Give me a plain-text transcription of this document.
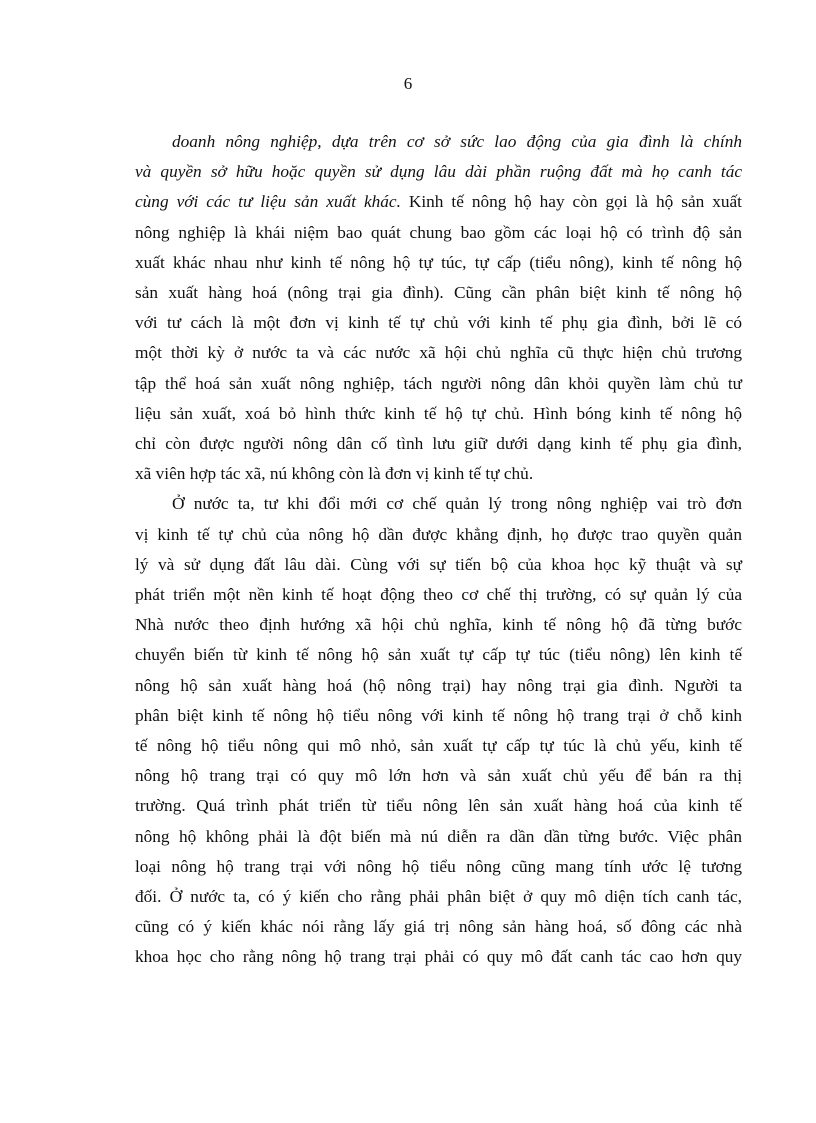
6
doanh nông nghiệp, dựa trên cơ sở sức lao động của gia đình là chính
và quyền sở hữu hoặc quyền sử dụng lâu dài phần ruộng đất mà họ canh tác
cùng với các tư liệu sản xuất khác. Kinh tế nông hộ hay còn gọi là hộ sản xuất
nông nghiệp là khái niệm bao quát chung bao gồm các loại hộ có trình độ sản
xuất khác nhau như kinh tế nông hộ tự túc, tự cấp (tiểu nông), kinh tế nông hộ
sản xuất hàng hoá (nông trại gia đình). Cũng cần phân biệt kinh tế nông hộ
với tư cách là một đơn vị kinh tế tự chủ với kinh tế phụ gia đình, bởi lẽ có
một thời kỳ ở nước ta và các nước xã hội chủ nghĩa cũ thực hiện chủ trương
tập thể hoá sản xuất nông nghiệp, tách người nông dân khỏi quyền làm chủ tư
liệu sản xuất, xoá bỏ hình thức kinh tế hộ tự chủ. Hình bóng kinh tế nông hộ
chỉ còn được người nông dân cố tình lưu giữ dưới dạng kinh tế phụ gia đình,
xã viên hợp tác xã, nú không còn là đơn vị kinh tế tự chủ.
Ở nước ta, tư khi đổi mới cơ chế quản lý trong nông nghiệp vai trò đơn
vị kinh tế tự chủ của nông hộ dần được khẳng định, họ được trao quyền quản
lý và sử dụng đất lâu dài. Cùng với sự tiến bộ của khoa học kỹ thuật và sự
phát triển một nền kinh tế hoạt động theo cơ chế thị trường, có sự quản lý của
Nhà nước theo định hướng xã hội chủ nghĩa, kinh tế nông hộ đã từng bước
chuyển biến từ kinh tế nông hộ sản xuất tự cấp tự túc (tiểu nông) lên kinh tế
nông hộ sản xuất hàng hoá (hộ nông trại) hay nông trại gia đình. Người ta
phân biệt kinh tế nông hộ tiểu nông với kinh tế nông hộ trang trại ở chỗ kinh
tế nông hộ tiểu nông qui mô nhỏ, sản xuất tự cấp tự túc là chủ yếu, kinh tế
nông hộ trang trại có quy mô lớn hơn và sản xuất chủ yếu để bán ra thị
trường. Quá trình phát triển từ tiểu nông lên sản xuất hàng hoá của kinh tế
nông hộ không phải là đột biến mà nú diễn ra dần dần từng bước. Việc phân
loại nông hộ trang trại với nông hộ tiểu nông cũng mang tính ước lệ tương
đối. Ở nước ta, có ý kiến cho rằng phải phân biệt ở quy mô diện tích canh tác,
cũng có ý kiến khác nói rằng lấy giá trị nông sản hàng hoá, số đông các nhà
khoa học cho rằng nông hộ trang trại phải có quy mô đất canh tác cao hơn quy
